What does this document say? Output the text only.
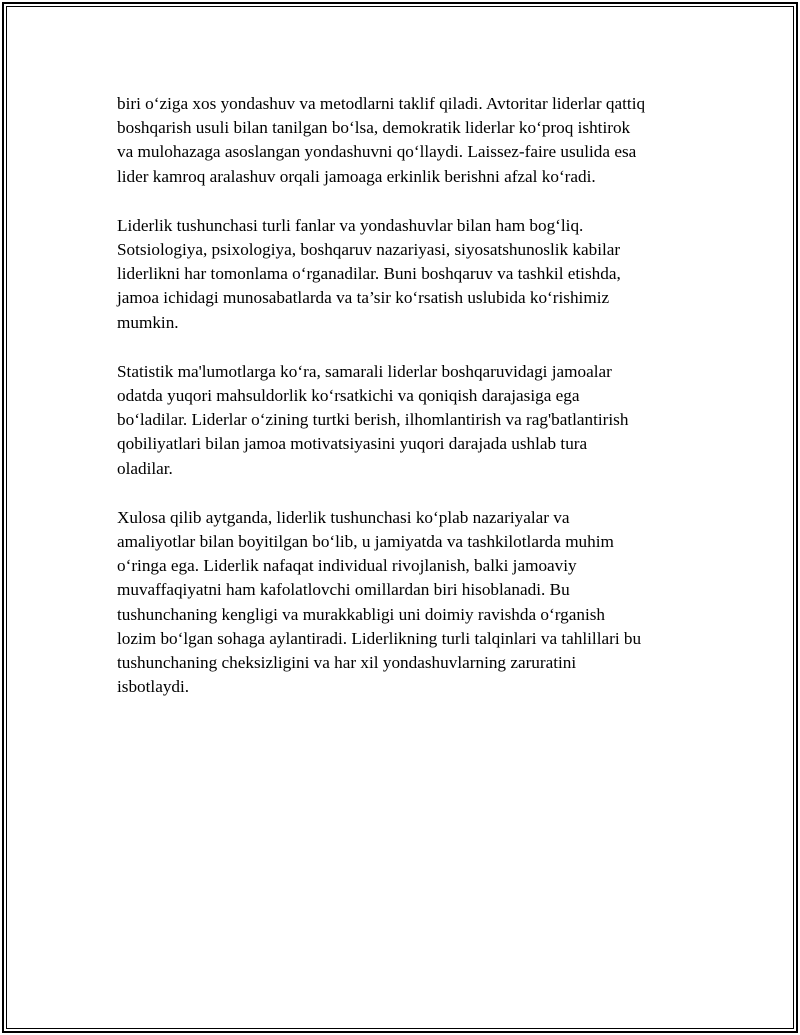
biri o‘ziga xos yondashuv va metodlarni taklif qiladi. Avtoritar liderlar qattiq
boshqarish usuli bilan tanilgan bo‘lsa, demokratik liderlar ko‘proq ishtirok
va mulohazaga asoslangan yondashuvni qo‘llaydi. Laissez-faire usulida esa
lider kamroq aralashuv orqali jamoaga erkinlik berishni afzal ko‘radi.

Liderlik tushunchasi turli fanlar va yondashuvlar bilan ham bog‘liq.
Sotsiologiya, psixologiya, boshqaruv nazariyasi, siyosatshunoslik kabilar
liderlikni har tomonlama o‘rganadilar. Buni boshqaruv va tashkil etishda,
jamoa ichidagi munosabatlarda va ta’sir ko‘rsatish uslubida ko‘rishimiz
mumkin.

Statistik ma'lumotlarga ko‘ra, samarali liderlar boshqaruvidagi jamoalar
odatda yuqori mahsuldorlik ko‘rsatkichi va qoniqish darajasiga ega
bo‘ladilar. Liderlar o‘zining turtki berish, ilhomlantirish va rag'batlantirish
qobiliyatlari bilan jamoa motivatsiyasini yuqori darajada ushlab tura
oladilar.

Xulosa qilib aytganda, liderlik tushunchasi ko‘plab nazariyalar va
amaliyotlar bilan boyitilgan bo‘lib, u jamiyatda va tashkilotlarda muhim
o‘ringa ega. Liderlik nafaqat individual rivojlanish, balki jamoaviy
muvaffaqiyatni ham kafolatlovchi omillardan biri hisoblanadi. Bu
tushunchaning kengligi va murakkabligi uni doimiy ravishda o‘rganish
lozim bo‘lgan sohaga aylantiradi. Liderlikning turli talqinlari va tahlillari bu
tushunchaning cheksizligini va har xil yondashuvlarning zaruratini
isbotlaydi.
